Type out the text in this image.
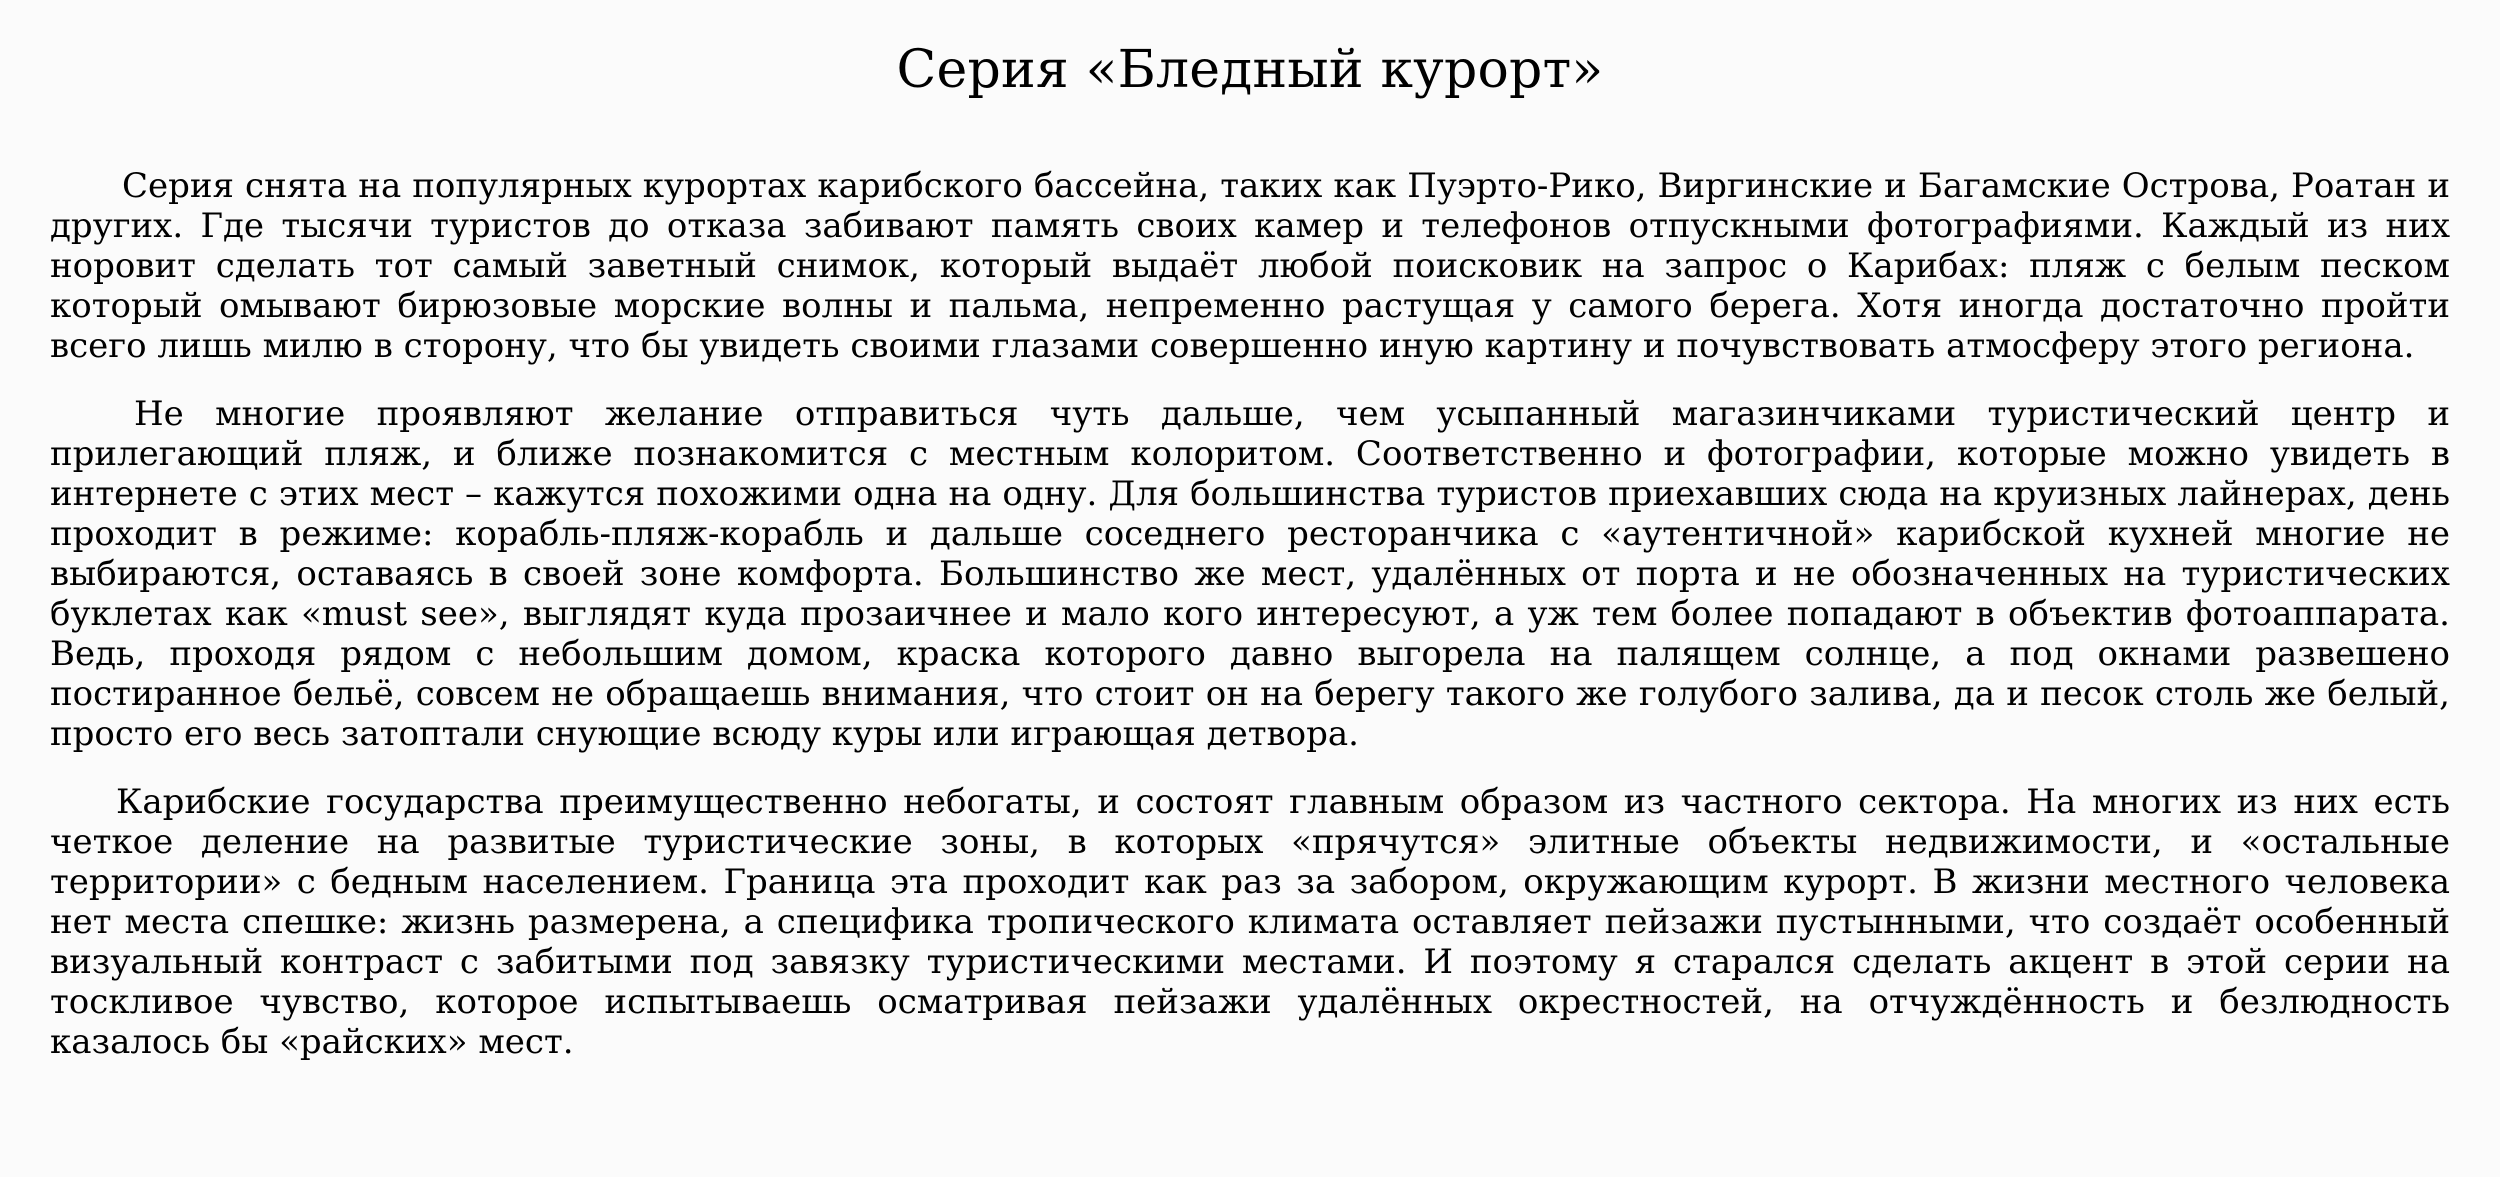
Серия «Бледный курорт»

Серия снята на популярных курортах карибского бассейна, таких как Пуэрто-Рико, Виргинские и Багамские Острова, Роатан и других. Где тысячи туристов до отказа забивают память своих камер и телефонов отпускными фотографиями. Каждый из них норовит сделать тот самый заветный снимок, который выдаёт любой поисковик на запрос о Карибах: пляж с белым песком который омывают бирюзовые морские волны и пальма, непременно растущая у самого берега. Хотя иногда достаточно пройти всего лишь милю в сторону, что бы увидеть своими глазами совершенно иную картину и почувствовать атмосферу этого региона.

Не многие проявляют желание отправиться чуть дальше, чем усыпанный магазинчиками туристический центр и прилегающий пляж, и ближе познакомится с местным колоритом. Соответственно и фотографии, которые можно увидеть в интернете с этих мест – кажутся похожими одна на одну. Для большинства туристов приехавших сюда на круизных лайнерах, день проходит в режиме: корабль-пляж-корабль и дальше соседнего ресторанчика с «аутентичной» карибской кухней многие не выбираются, оставаясь в своей зоне комфорта. Большинство же мест, удалённых от порта и не обозначенных на туристических буклетах как «must see», выглядят куда прозаичнее и мало кого интересуют, а уж тем более попадают в объектив фотоаппарата. Ведь, проходя рядом с небольшим домом, краска которого давно выгорела на палящем солнце, а под окнами развешено постиранное бельё, совсем не обращаешь внимания, что стоит он на берегу такого же голубого залива, да и песок столь же белый, просто его весь затоптали снующие всюду куры или играющая детвора.

Карибские государства преимущественно небогаты, и состоят главным образом из частного сектора. На многих из них есть четкое деление на развитые туристические зоны, в которых «прячутся» элитные объекты недвижимости, и «остальные территории» с бедным населением. Граница эта проходит как раз за забором, окружающим курорт. В жизни местного человека нет места спешке: жизнь размерена, а специфика тропического климата оставляет пейзажи пустынными, что создаёт особенный визуальный контраст с забитыми под завязку туристическими местами. И поэтому я старался сделать акцент в этой серии на тоскливое чувство, которое испытываешь осматривая пейзажи удалённых окрестностей, на отчуждённость и безлюдность казалось бы «райских» мест.
